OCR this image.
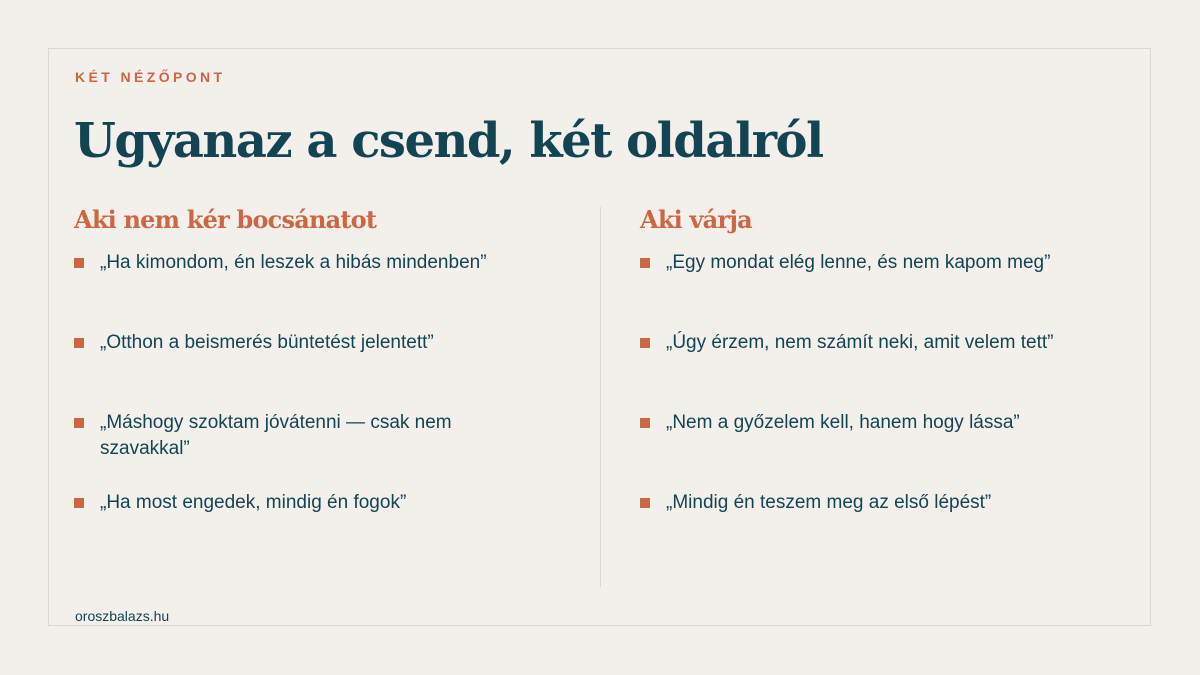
KÉT NÉZŐPONT
Ugyanaz a csend, két oldalról
Aki nem kér bocsánatot
„Ha kimondom, én leszek a hibás mindenben”
„Otthon a beismerés büntetést jelentett”
„Máshogy szoktam jóvátenni — csak nem szavakkal”
„Ha most engedek, mindig én fogok”
Aki várja
„Egy mondat elég lenne, és nem kapom meg”
„Úgy érzem, nem számít neki, amit velem tett”
„Nem a győzelem kell, hanem hogy lássa”
„Mindig én teszem meg az első lépést”
oroszbalazs.hu
